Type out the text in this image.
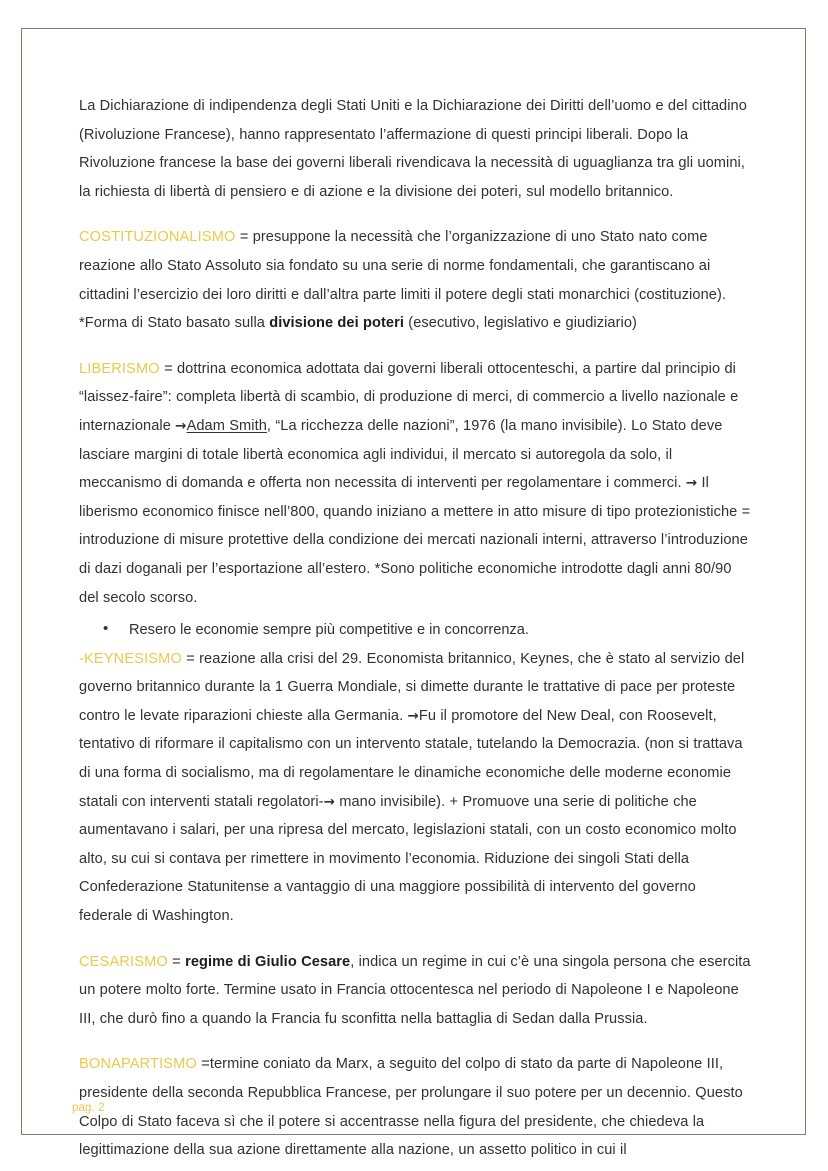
La Dichiarazione di indipendenza degli Stati Uniti e la Dichiarazione dei Diritti dell’uomo e del cittadino (Rivoluzione Francese), hanno rappresentato l’affermazione di questi principi liberali. Dopo la Rivoluzione francese la base dei governi liberali rivendicava la necessità di uguaglianza tra gli uomini, la richiesta di libertà di pensiero e di azione e la divisione dei poteri, sul modello britannico.

COSTITUZIONALISMO = presuppone la necessità che l’organizzazione di uno Stato nato come reazione allo Stato Assoluto sia fondato su una serie di norme fondamentali, che garantiscano ai cittadini l’esercizio dei loro diritti e dall’altra parte limiti il potere degli stati monarchici (costituzione). *Forma di Stato basato sulla divisione dei poteri (esecutivo, legislativo e giudiziario)

LIBERISMO = dottrina economica adottata dai governi liberali ottocenteschi, a partire dal principio di “laissez-faire”: completa libertà di scambio, di produzione di merci, di commercio a livello nazionale e internazionale →Adam Smith, “La ricchezza delle nazioni”, 1976 (la mano invisibile). Lo Stato deve lasciare margini di totale libertà economica agli individui, il mercato si autoregola da solo, il meccanismo di domanda e offerta non necessita di interventi per regolamentare i commerci. → Il liberismo economico finisce nell’800, quando iniziano a mettere in atto misure di tipo protezionistiche = introduzione di misure protettive della condizione dei mercati nazionali interni, attraverso l’introduzione di dazi doganali per l’esportazione all’estero. *Sono politiche economiche introdotte dagli anni 80/90 del secolo scorso.

• Resero le economie sempre più competitive e in concorrenza.

-KEYNESISMO = reazione alla crisi del 29. Economista britannico, Keynes, che è stato al servizio del governo britannico durante la 1 Guerra Mondiale, si dimette durante le trattative di pace per proteste contro le levate riparazioni chieste alla Germania. →Fu il promotore del New Deal, con Roosevelt, tentativo di riformare il capitalismo con un intervento statale, tutelando la Democrazia. (non si trattava di una forma di socialismo, ma di regolamentare le dinamiche economiche delle moderne economie statali con interventi statali regolatori-→ mano invisibile). + Promuove una serie di politiche che aumentavano i salari, per una ripresa del mercato, legislazioni statali, con un costo economico molto alto, su cui si contava per rimettere in movimento l’economia. Riduzione dei singoli Stati della Confederazione Statunitense a vantaggio di una maggiore possibilità di intervento del governo federale di Washington.

CESARISMO = regime di Giulio Cesare, indica un regime in cui c’è una singola persona che esercita un potere molto forte. Termine usato in Francia ottocentesca nel periodo di Napoleone I e Napoleone III, che durò fino a quando la Francia fu sconfitta nella battaglia di Sedan dalla Prussia.

BONAPARTISMO =termine coniato da Marx, a seguito del colpo di stato da parte di Napoleone III, presidente della seconda Repubblica Francese, per prolungare il suo potere per un decennio. Questo Colpo di Stato faceva sì che il potere si accentrasse nella figura del presidente, che chiedeva la legittimazione della sua azione direttamente alla nazione, un assetto politico in cui il

pag. 2
